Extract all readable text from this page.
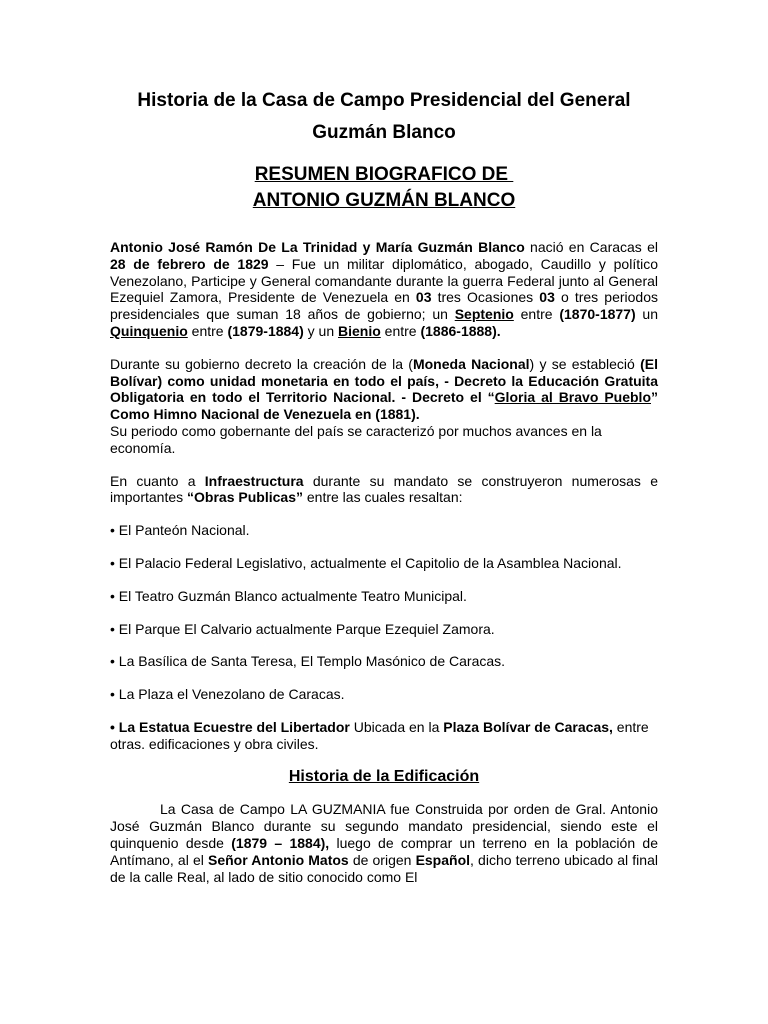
Historia de la Casa de Campo Presidencial del General
Guzmán Blanco
RESUMEN BIOGRAFICO DE
ANTONIO GUZMÁN BLANCO

Antonio José Ramón De La Trinidad y María Guzmán Blanco nació en Caracas el 28 de febrero de 1829 – Fue un militar diplomático, abogado, Caudillo y político Venezolano, Participe y General comandante durante la guerra Federal junto al General Ezequiel Zamora, Presidente de Venezuela en 03 tres Ocasiones 03 o tres periodos presidenciales que suman 18 años de gobierno; un Septenio entre (1870-1877) un Quinquenio entre (1879-1884) y un Bienio entre (1886-1888).

Durante su gobierno decreto la creación de la (Moneda Nacional) y se estableció (El Bolívar) como unidad monetaria en todo el país, - Decreto la Educación Gratuita Obligatoria en todo el Territorio Nacional. - Decreto el “Gloria al Bravo Pueblo” Como Himno Nacional de Venezuela en (1881).

Su periodo como gobernante del país se caracterizó por muchos avances en la economía.

En cuanto a Infraestructura durante su mandato se construyeron numerosas e importantes “Obras Publicas” entre las cuales resaltan:

• El Panteón Nacional.

• El Palacio Federal Legislativo, actualmente el Capitolio de la Asamblea Nacional.

• El Teatro Guzmán Blanco actualmente Teatro Municipal.

• El Parque El Calvario actualmente Parque Ezequiel Zamora.

• La Basílica de Santa Teresa, El Templo Masónico de Caracas.

• La Plaza el Venezolano de Caracas.

• La Estatua Ecuestre del Libertador Ubicada en la Plaza Bolívar de Caracas, entre otras. edificaciones y obra civiles.

Historia de la Edificación

La Casa de Campo LA GUZMANIA fue Construida por orden de Gral. Antonio José Guzmán Blanco durante su segundo mandato presidencial, siendo este el quinquenio desde (1879 – 1884), luego de comprar un terreno en la población de Antímano, al el Señor Antonio Matos de origen Español, dicho terreno ubicado al final de la calle Real, al lado de sitio conocido como El
